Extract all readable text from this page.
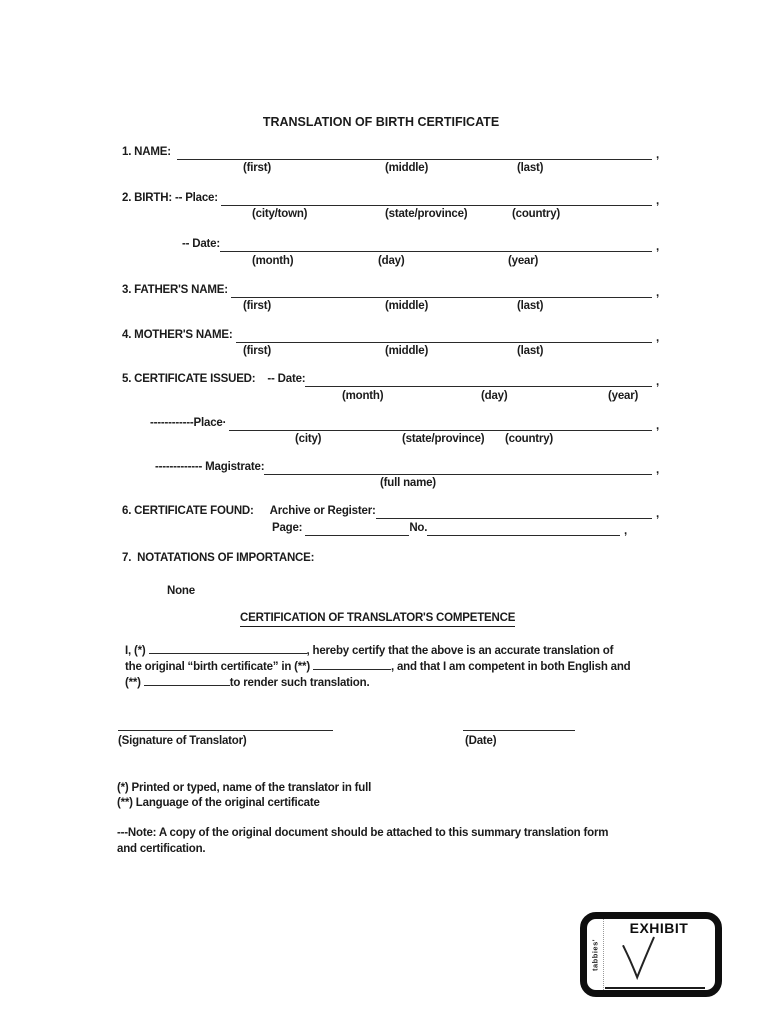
TRANSLATION OF BIRTH CERTIFICATE
1. NAME:	,
(first)	(middle)	(last)
2. BIRTH: -- Place:	,
(city/town)	(state/province)	(country)
-- Date:	,
(month)	(day)	(year)
3. FATHER'S NAME:	,
(first)	(middle)	(last)
4. MOTHER'S NAME:	,
(first)	(middle)	(last)
5. CERTIFICATE ISSUED: -- Date:	,
(month)	(day)	(year)
------------Place·	,
(city)	(state/province) (country)
------------- Magistrate:	,
(full name)
6. CERTIFICATE FOUND: Archive or Register:	,
Page:	No.	,
7.  NOTATATIONS OF IMPORTANCE:
None
CERTIFICATION OF TRANSLATOR'S COMPETENCE

I, (*)	, hereby certify that the above is an accurate translation of

the original “birth certificate” in (**)	, and that I am competent in both English and

(**)	to render such translation.

(Signature of Translator)	(Date)
(*) Printed or typed, name of the translator in full
(**) Language of the original certificate
---Note: A copy of the original document should be attached to this summary translation form
and certification.
tabbies'
EXHIBIT
